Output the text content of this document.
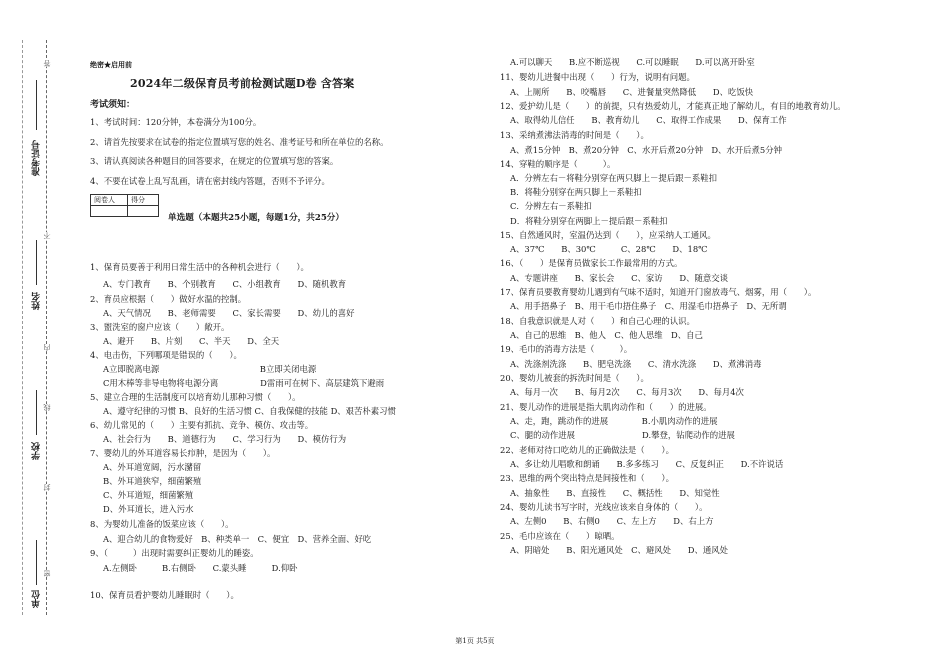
准考证号
姓名
学校
单位
答
不
内
线
封
密
绝密★启用前
2024年二级保育员考前检测试题D卷 含答案
考试须知：
1、考试时间：120分钟，本卷满分为100分。
2、请首先按要求在试卷的指定位置填写您的姓名、准考证号和所在单位的名称。
3、请认真阅读各种题目的回答要求，在规定的位置填写您的答案。
4、不要在试卷上乱写乱画，请在密封线内答题，否则不予评分。
阅卷人	得分

单选题（本题共25小题，每题1分，共25分）
1、保育员要善于利用日常生活中的各种机会进行（　　）。
A、专门教育　　B、个别教育　　C、小组教育　　D、随机教育
2、育员应根据（　　）做好水温的控制。
A、天气情况　　B、老师需要　　C、家长需要　　D、幼儿的喜好
3、盥洗室的窗户应该（　　）敞开。
A、避开　　B、片刻　　C、半天　　D、全天
4、电击伤，下列哪项是错误的（　　）。
A立即脱离电源　　　　　　　　　　　　B立即关闭电源
C用木棒等非导电物将电源分离　　　　　D雷雨可在树下、高层建筑下避雨
5、建立合理的生活制度可以培育幼儿那种习惯（　　）。
A、遵守纪律的习惯 B、良好的生活习惯 C、自我保健的技能 D、艰苦朴素习惯
6、幼儿常见的（　　）主要有抓抗、竞争、模仿、攻击等。
A、社会行为　　B、道德行为　　C、学习行为　　D、模仿行为
7、婴幼儿的外耳道容易长疖肿，是因为（　　）。
A、外耳道宽阔，污水瀦留
B、外耳道狭窄，细菌繁殖
C、外耳道短，细菌繁殖
D、外耳道长，进入污水
8、为婴幼儿准备的饭菜应该（　　）。
A、迎合幼儿的食物爱好　B、种类单一　C、便宜　D、营养全面、好吃
9、（　　　）出现时需要纠正婴幼儿的睡姿。
A.左侧卧　　　B.右侧卧　　C.蒙头睡　　　D.仰卧
10、保育员看护婴幼儿睡眠时（　　）。
A.可以聊天　　B.应不断巡视　　C.可以睡眠　　D.可以离开卧室
11、婴幼儿进餐中出现（　　）行为，说明有问题。
A、上厕所　　B、咬嘴唇　　C、进餐量突然降低　　D、吃饭快
12、爱护幼儿是（　　）的前提，只有热爱幼儿，才能真正地了解幼儿，有目的地教育幼儿。
A、取得幼儿信任　　B、教育幼儿　　C、取得工作成果　　D、保育工作
13、采纳煮沸法消毒的时间是（　　）。
A、煮15分钟　B、煮20分钟　C、水开后煮20分钟　D、水开后煮5分钟
14、穿鞋的顺序是（　　　）。
A．分辨左右－将鞋分别穿在两只脚上－提后跟－系鞋扣
B．将鞋分别穿在两只脚上－系鞋扣
C．分辨左右－系鞋扣
D．将鞋分别穿在两脚上－提后跟－系鞋扣
15、自然通风时，室温仍达到（　　），应采纳人工通风。
A、37℃　　B、30℃　　　C、28℃　　D、18℃
16、（　　）是保育员做家长工作最常用的方式。
A、专题讲座　　B、家长会　　C、家访　　D、随意交谈
17、保育员要教育婴幼儿遇到有气味不适时，知道开门窗放毒气、烟雾，用（　　）。
A、用手捂鼻子　B、用干毛巾捂住鼻子　C、用湿毛巾捂鼻子　D、无所谓
18、自我意识就是人对（　　）和自己心理的认识。
A、自己的思维　B、他人　C、他人思维　D、自己
19、毛巾的消毒方法是（　　　）。
A、洗涤剂洗涤　　B、肥皂洗涤　　C、清水洗涤　　D、煮沸消毒
20、婴幼儿被套的拆洗时间是（　　）。
A、每月一次　　B、每月2次　　C、每月3次　　D、每月4次
21、婴儿动作的进展是指大肌肉动作和（　　）的进展。
A、走，跑，跳动作的进展　　　　B.小肌肉动作的进展
C、腿的动作进展　　　　　　　　D.攀登，钻爬动作的进展
22、老师对待口吃幼儿的正确做法是（　　）。
A、多让幼儿唱歌和朗诵　　B.多多练习　　C、反复纠正　　D.不许说话
23、思维的两个突出特点是间接性和（　　）。
A、抽象性　　B、直接性　　C、概括性　　D、知觉性
24、婴幼儿读书写字时，光线应该来自身体的（　　）。
A、左侧0　　B、右侧0　　C、左上方　　D、右上方
25、毛巾应该在（　　）晾晒。
A、阴暗处　　B、阳光通风处　C、避风处　　D、通风处
第1页 共5页
